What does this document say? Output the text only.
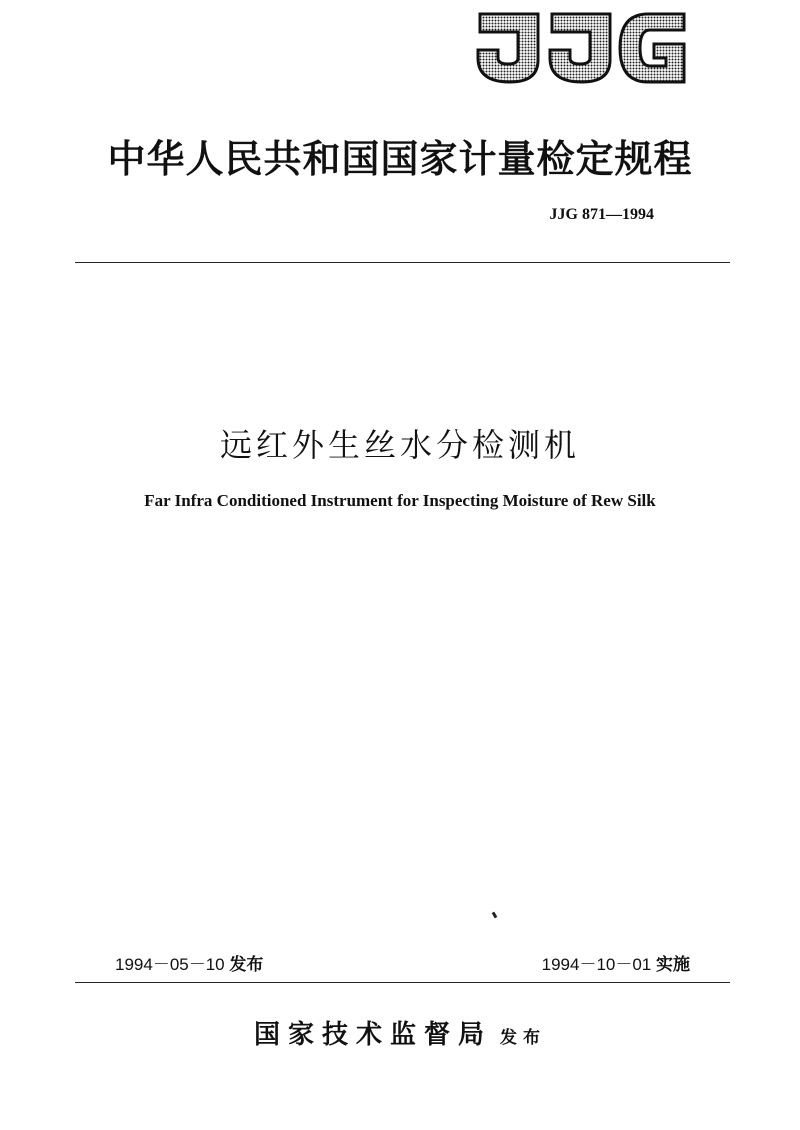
JJG
中华人民共和国国家计量检定规程
JJG 871—1994
远红外生丝水分检测机
Far Infra Conditioned Instrument for Inspecting Moisture of Rew Silk
1994－05－10 发布	1994－10－01 实施
国家技术监督局 发布
